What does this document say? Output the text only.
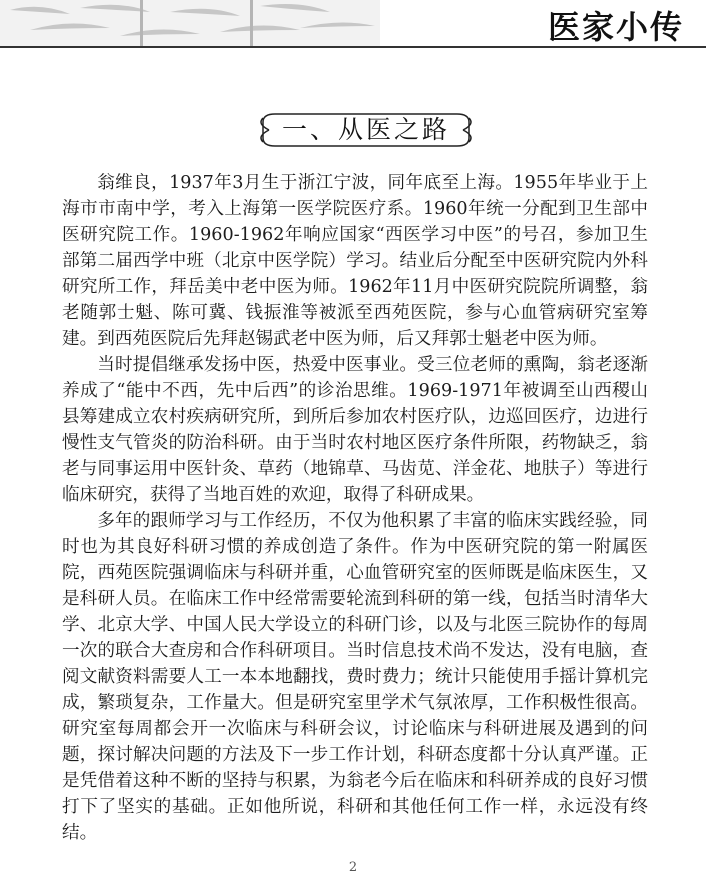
医家小传
一、从医之路

翁维良，1937年3月生于浙江宁波，同年底至上海。1955年毕业于上海市市南中学，考入上海第一医学院医疗系。1960年统一分配到卫生部中医研究院工作。1960-1962年响应国家“西医学习中医”的号召，参加卫生部第二届西学中班（北京中医学院）学习。结业后分配至中医研究院内外科研究所工作，拜岳美中老中医为师。1962年11月中医研究院院所调整，翁老随郭士魁、陈可冀、钱振淮等被派至西苑医院，参与心血管病研究室筹建。到西苑医院后先拜赵锡武老中医为师，后又拜郭士魁老中医为师。

当时提倡继承发扬中医，热爱中医事业。受三位老师的熏陶，翁老逐渐养成了“能中不西，先中后西”的诊治思维。1969-1971年被调至山西稷山县筹建成立农村疾病研究所，到所后参加农村医疗队，边巡回医疗，边进行慢性支气管炎的防治科研。由于当时农村地区医疗条件所限，药物缺乏，翁老与同事运用中医针灸、草药（地锦草、马齿苋、洋金花、地肤子）等进行临床研究，获得了当地百姓的欢迎，取得了科研成果。

多年的跟师学习与工作经历，不仅为他积累了丰富的临床实践经验，同时也为其良好科研习惯的养成创造了条件。作为中医研究院的第一附属医院，西苑医院强调临床与科研并重，心血管研究室的医师既是临床医生，又是科研人员。在临床工作中经常需要轮流到科研的第一线，包括当时清华大学、北京大学、中国人民大学设立的科研门诊，以及与北医三院协作的每周一次的联合大查房和合作科研项目。当时信息技术尚不发达，没有电脑，查阅文献资料需要人工一本本地翻找，费时费力；统计只能使用手摇计算机完成，繁琐复杂，工作量大。但是研究室里学术气氛浓厚，工作积极性很高。研究室每周都会开一次临床与科研会议，讨论临床与科研进展及遇到的问题，探讨解决问题的方法及下一步工作计划，科研态度都十分认真严谨。正是凭借着这种不断的坚持与积累，为翁老今后在临床和科研养成的良好习惯打下了坚实的基础。正如他所说，科研和其他任何工作一样，永远没有终结。

2
